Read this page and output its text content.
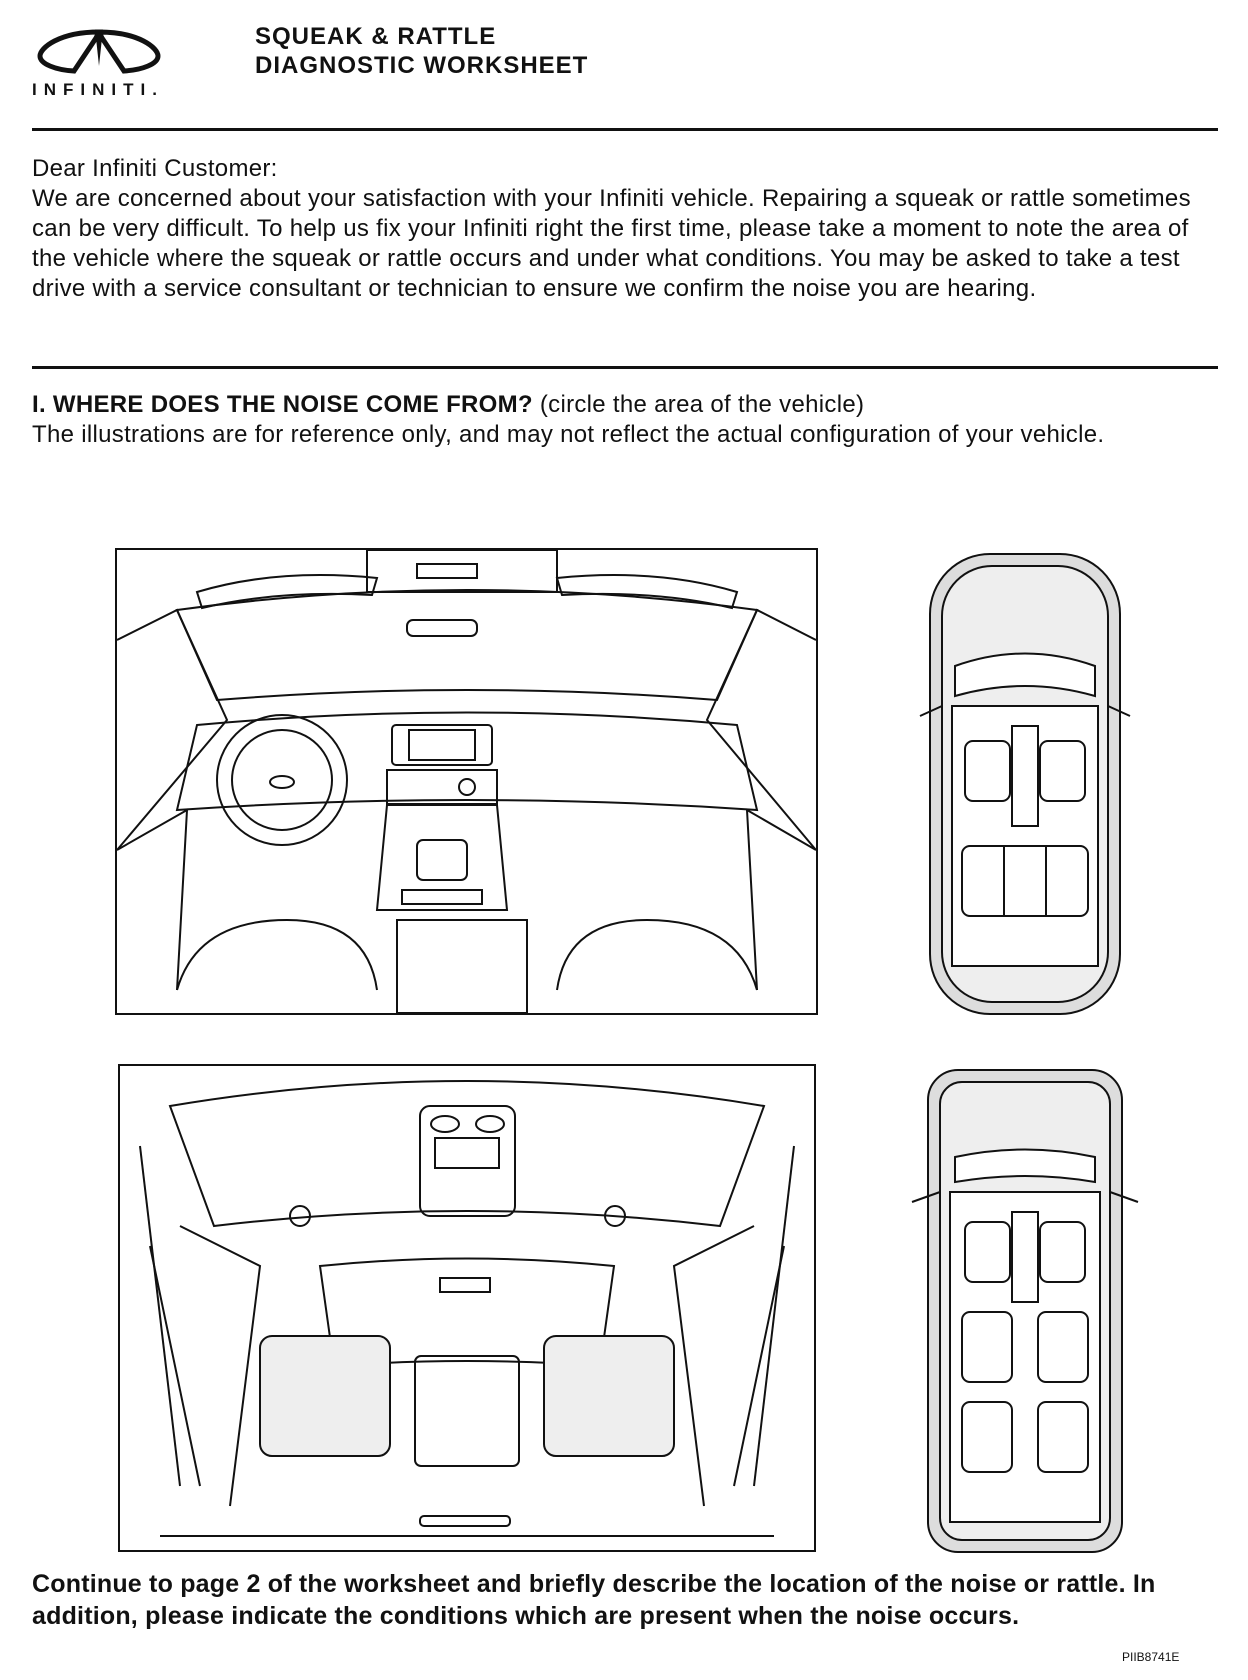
INFINITI.
SQUEAK & RATTLE
DIAGNOSTIC WORKSHEET

Dear Infiniti Customer:

We are concerned about your satisfaction with your Infiniti vehicle. Repairing a squeak or rattle sometimes can be very difficult. To help us fix your Infiniti right the first time, please take a moment to note the area of the vehicle where the squeak or rattle occurs and under what conditions. You may be asked to take a test drive with a service consultant or technician to ensure we confirm the noise you are hearing.

I. WHERE DOES THE NOISE COME FROM? (circle the area of the vehicle)

The illustrations are for reference only, and may not reflect the actual configuration of your vehicle.

Continue to page 2 of the worksheet and briefly describe the location of the noise or rattle. In addition, please indicate the conditions which are present when the noise occurs.
PIIB8741E
